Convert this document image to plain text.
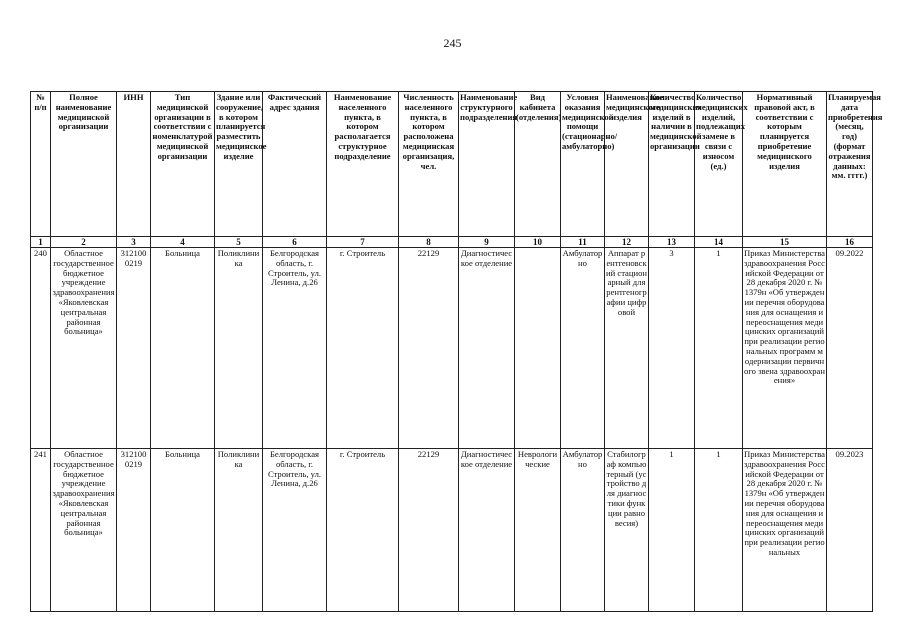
245
№ п/п	Полное наименование медицинской организации	ИНН	Тип медицинской организации в соответствии с номенклатурой медицинской организации	Здание или сооружение, в котором планируется разместить медицинское изделие	Фактический адрес здания	Наименование населенного пункта, в котором располагается структурное подразделение	Численность населенного пункта, в котором расположена медицинская организация, чел.	Наименование структурного подразделения	Вид кабинета (отделения)	Условия оказания медицинской помощи (стационарно/ амбулаторно)	Наименование медицинского изделия	Количество медицинских изделий в наличии в медицинской организации	Количество медицинских изделий, подлежащих замене в связи с износом (ед.)	Нормативный правовой акт, в соответствии с которым планируется приобретение медицинского изделия	Планируемая дата приобретения (месяц, год) (формат отражения данных: мм. гггг.)
1	2	3	4	5	6	7	8	9	10	11	12	13	14	15	16
240	Областное государственное бюджетное учреждение здравоохранения «Яковлевская центральная районная больница»	312100 0219	Больница	Поликлиника	Белгородская область, г. Строитель, ул. Ленина, д.26	г. Строитель	22129	Диагностическое отделение		Амбулаторно	Аппарат рентгеновский стационарный для рентгенографии цифровой	3	1	Приказ Министерства здравоохранения Российской Федерации от 28 декабря 2020 г. № 1379н «Об утверждении перечня оборудования для оснащения и переоснащения медицинских организаций при реализации региональных программ модернизации первичного звена здравоохранения»	09.2022
241	Областное государственное бюджетное учреждение здравоохранения «Яковлевская центральная районная больница»	312100 0219	Больница	Поликлиника	Белгородская область, г. Строитель, ул. Ленина, д.26	г. Строитель	22129	Диагностическое отделение	Неврологические	Амбулаторно	Стабилограф компьютерный (устройство для диагностики функции равновесия)	1	1	Приказ Министерства здравоохранения Российской Федерации от 28 декабря 2020 г. № 1379н «Об утверждении перечня оборудования для оснащения и переоснащения медицинских организаций при реализации региональных	09.2023
